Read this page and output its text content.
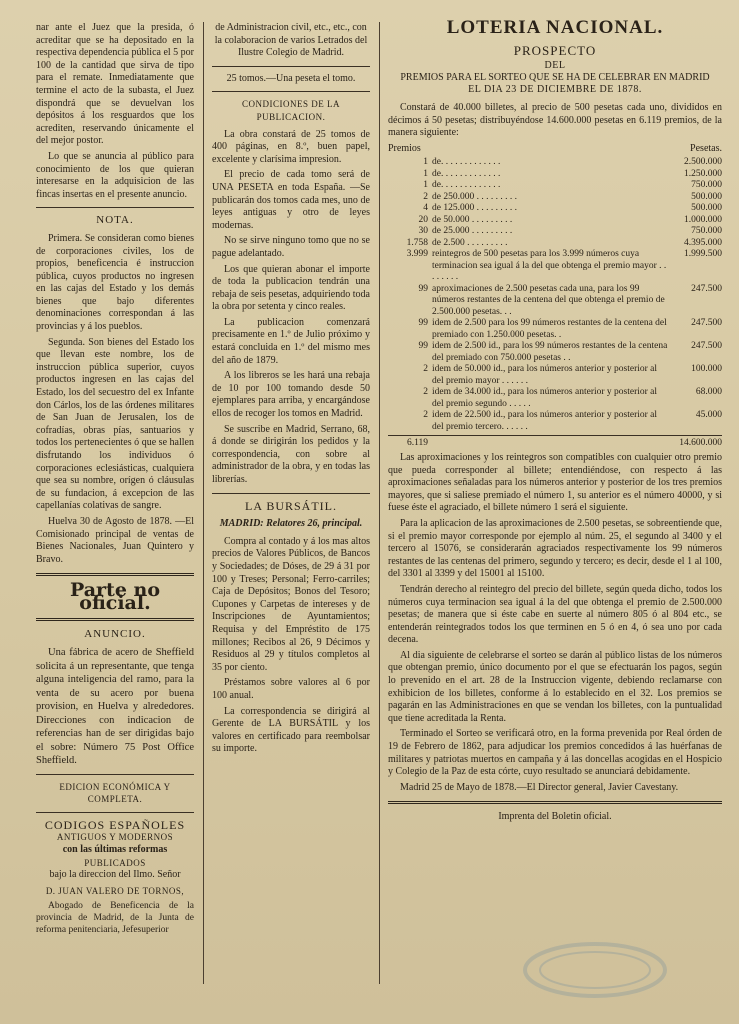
nar ante el Juez que la presida, ó acreditar que se ha depositado en la respectiva dependencia pública el 5 por 100 de la cantidad que sirva de tipo para el remate. Inmediatamente que termine el acto de la subasta, el Juez dispondrá que se devuelvan los depósitos á los resguardos que los acrediten, reservando únicamente el del mejor postor.

Lo que se anuncia al público para conocimiento de los que quieran interesarse en la adquisicion de las fincas insertas en el presente anuncio.

NOTA.

Primera. Se consideran como bienes de corporaciones civiles, los de propios, beneficencia é instruccion pública, cuyos productos no ingresen en las cajas del Estado y los demás bienes que bajo diferentes denominaciones correspondan á las provincias y á los pueblos.

Segunda. Son bienes del Estado los que llevan este nombre, los de instruccion pública superior, cuyos productos ingresen en las cajas del Estado, los del secuestro del ex Infante don Cárlos, los de las órdenes militares de San Juan de Jerusalen, los de cofradías, obras pías, santuarios y todos los pertenecientes ó que se hallen disfrutando los individuos ó corporaciones eclesiásticas, cualquiera que sea su nombre, orígen ó cláusulas de su fundacion, á excepcion de las capellanías colativas de sangre.

Huelva 30 de Agosto de 1878. —El Comisionado principal de ventas de Bienes Nacionales, Juan Quintero y Bravo.

Parte no oficial.
ANUNCIO.

Una fábrica de acero de Sheffield solicita á un representante, que tenga alguna inteligencia del ramo, para la venta de su acero por buena provision, en Huelva y alrededores. Direcciones con indicacion de referencias han de ser dirigidas bajo el sobre: Número 75 Post Office Sheffield.

EDICION ECONÓMICA Y COMPLETA.
CODIGOS ESPAÑOLES
ANTIGUOS Y MODERNOS
con las últimas reformas
PUBLICADOS
bajo la direccion del Ilmo. Señor
D. JUAN VALERO DE TORNOS,

Abogado de Beneficencia de la provincia de Madrid, de la Junta de reforma penitenciaria, Jefesuperior

de Administracion civil, etc., etc., con la colaboracion de varios Letrados del Ilustre Colegio de Madrid.

25 tomos.—Una peseta el tomo.
CONDICIONES DE LA PUBLICACION.

La obra constará de 25 tomos de 400 páginas, en 8.º, buen papel, excelente y clarísima impresion.

El precio de cada tomo será de UNA PESETA en toda España. —Se publicarán dos tomos cada mes, uno de leyes antiguas y otro de leyes modernas.

No se sirve ninguno tomo que no se pague adelantado.

Los que quieran abonar el importe de toda la publicacion tendrán una rebaja de seis pesetas, adquiriendo toda la obra por setenta y cinco reales.

La publicacion comenzará precisamente en 1.º de Julio próximo y estará concluida en 1.º del mismo mes del año de 1879.

A los libreros se les hará una rebaja de 10 por 100 tomando desde 50 ejemplares para arriba, y encargándose ellos de recoger los tomos en Madrid.

Se suscribe en Madrid, Serrano, 68, á donde se dirigirán los pedidos y la correspondencia, con sobre al administrador de la obra, y en todas las librerías.

LA BURSÁTIL.
MADRID: Relatores 26, principal.

Compra al contado y á los mas altos precios de Valores Públicos, de Bancos y Sociedades; de Dóses, de 29 á 31 por 100 y Treses; Personal; Ferro-carriles; Caja de Depósitos; Bonos del Tesoro; Cupones y Carpetas de intereses y de Inscripciones de Ayuntamientos; Requisa y del Empréstito de 175 millones; Recibos al 26, 9 Décimos y Residuos al 29 y títulos completos al 35 por ciento.

Préstamos sobre valores al 6 por 100 anual.

La correspondencia se dirigirá al Gerente de LA BURSÁTIL y los valores en certificado para reembolsar su importe.

LOTERIA NACIONAL.
PROSPECTO
DEL
PREMIOS PARA EL SORTEO QUE SE HA DE CELEBRAR EN MADRID
EL DIA 23 DE DICIEMBRE DE 1878.

Constará de 40.000 billetes, al precio de 500 pesetas cada uno, divididos en décimos á 50 pesetas; distribuyéndose 14.600.000 pesetas en 6.119 premios, de la manera siguiente:

Premios		Pesetas.
1	de. . . . . . . . . . . . .	2.500.000
1	de. . . . . . . . . . . . .	1.250.000
1	de. . . . . . . . . . . . .	750.000
2	de 250.000 . . . . . . . . .	500.000
4	de 125.000 . . . . . . . . .	500.000
20	de 50.000 . . . . . . . . .	1.000.000
30	de 25.000 . . . . . . . . .	750.000
1.758	de 2.500 . . . . . . . . .	4.395.000
3.999	reintegros de 500 pesetas para los 3.999 números cuya terminacion sea igual á la del que obtenga el premio mayor . . . . . . . .	1.999.500
99	aproximaciones de 2.500 pesetas cada una, para los 99 números restantes de la centena del que obtenga el premio de 2.500.000 pesetas. . .	247.500
99	idem de 2.500 para los 99 números restantes de la centena del premiado con 1.250.000 pesetas. .	247.500
99	idem de 2.500 id., para los 99 números restantes de la centena del premiado con 750.000 pesetas . .	247.500
2	idem de 50.000 id., para los números anterior y posterior al del premio mayor . . . . . .	100.000
2	idem de 34.000 id., para los números anterior y posterior al del premio segundo . . . . .	68.000
2	idem de 22.500 id., para los números anterior y posterior al del premio tercero. . . . . .	45.000
6.119		14.600.000

Las aproximaciones y los reintegros son compatibles con cualquier otro premio que pueda corresponder al billete; entendiéndose, con respecto á las aproximaciones señaladas para los números anterior y posterior de los tres premios mayores, que si saliese premiado el número 1, su anterior es el número 40000, y si fuese éste el agraciado, el billete número 1 será el siguiente.

Para la aplicacion de las aproximaciones de 2.500 pesetas, se sobreentiende que, si el premio mayor corresponde por ejemplo al núm. 25, el segundo al 3400 y el tercero al 15076, se considerarán agraciados respectivamente los 99 números restantes de las centenas del primero, segundo y tercero; es decir, desde el 1 al 100, del 3301 al 3399 y del 15001 al 15100.

Tendrán derecho al reintegro del precio del billete, según queda dicho, todos los números cuya terminacion sea igual á la del que obtenga el premio de 2.500.000 pesetas; de manera que si éste cabe en suerte al número 805 ó al 804 etc., se entenderán reintegrados todos los que terminen en 5 ó en 4, ó sea uno por cada decena.

Al dia siguiente de celebrarse el sorteo se darán al público listas de los números que obtengan premio, único documento por el que se efectuarán los pagos, según lo prevenido en el art. 28 de la Instruccion vigente, debiendo reclamarse con exhibicion de los billetes, conforme á lo establecido en el 32. Los premios se pagarán en las Administraciones en que se vendan los billetes, con la puntualidad que tiene acreditada la Renta.

Terminado el Sorteo se verificará otro, en la forma prevenida por Real órden de 19 de Febrero de 1862, para adjudicar los premios concedidos á las huérfanas de militares y patriotas muertos en campaña y á las doncellas acogidas en el Hospicio y Colegio de la Paz de esta córte, cuyo resultado se anunciará debidamente.

Madrid 25 de Mayo de 1878.—El Director general, Javier Cavestany.

Imprenta del Boletin oficial.
